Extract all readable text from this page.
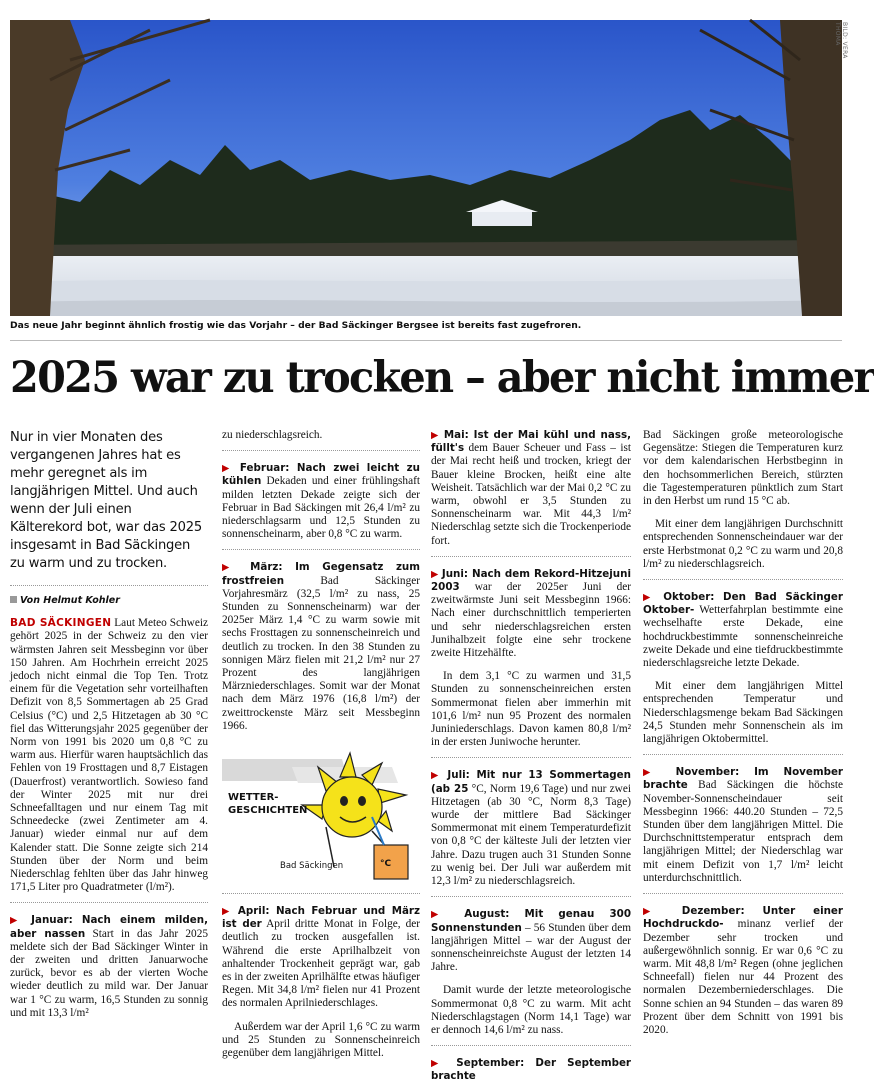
BILD: VERA THOMA
Das neue Jahr beginnt ähnlich frostig wie das Vorjahr – der Bad Säckinger Bergsee ist bereits fast zugefroren.
2025 war zu trocken – aber nicht immer
Nur in vier Monaten des vergangenen Jahres hat es mehr geregnet als im langjährigen Mittel. Und auch wenn der Juli einen Kälterekord bot, war das 2025 insgesamt in Bad Säckingen zu warm und zu trocken.
Von Helmut Kohler

BAD SÄCKINGEN Laut Meteo Schweiz gehört 2025 in der Schweiz zu den vier wärmsten Jahren seit Messbeginn vor über 150 Jahren. Am Hochrhein erreicht 2025 jedoch nicht einmal die Top Ten. Trotz einem für die Vegetation sehr vorteilhaften Defizit von 8,5 Sommertagen ab 25 Grad Celsius (°C) und 2,5 Hitzetagen ab 30 °C fiel das Witterungsjahr 2025 gegenüber der Norm von 1991 bis 2020 um 0,8 °C zu warm aus. Hierfür waren hauptsächlich das Fehlen von 19 Frosttagen und 8,7 Eistagen (Dauerfrost) verantwortlich. Sowieso fand der Winter 2025 mit nur drei Schneefalltagen und nur einem Tag mit Schneedecke (zwei Zentimeter am 4. Januar) wieder einmal nur auf dem Kalender statt. Die Sonne zeigte sich 214 Stunden über der Norm und beim Niederschlag fehlten über das Jahr hinweg 171,5 Liter pro Quadratmeter (l/m²).

▶ Januar: Nach einem milden, aber nassen Start in das Jahr 2025 meldete sich der Bad Säckinger Winter in der zweiten und dritten Januarwoche zurück, bevor es ab der vierten Woche wieder deutlich zu mild war. Der Januar war 1 °C zu warm, 16,5 Stunden zu sonnig und mit 13,3 l/m²

zu niederschlagsreich.

▶ Februar: Nach zwei leicht zu kühlen Dekaden und einer frühlingshaft milden letzten Dekade zeigte sich der Februar in Bad Säckingen mit 26,4 l/m² zu niederschlagsarm und 12,5 Stunden zu sonnenscheinarm, aber 0,8 °C zu warm.

▶ März: Im Gegensatz zum frostfreien	Bad Säckinger Vorjahresmärz (32,5 l/m² zu nass, 25 Stunden zu Sonnenscheinarm) war der 2025er März 1,4 °C zu warm sowie mit sechs Frosttagen zu sonnenscheinreich und deutlich zu trocken. In den 38 Stunden zu sonnigen März fielen mit 21,2 l/m² nur 27 Prozent des langjährigen Märzniederschlages. Somit war der Monat nach dem März 1976 (16,8 l/m²) der zweittrockenste März seit Messbeginn 1966.

WETTER-
GESCHICHTEN
Bad Säckingen	°C

▶ April: Nach Februar und März ist der April dritte Monat in Folge, der deutlich zu trocken ausgefallen ist. Während die erste Aprilhalbzeit von anhaltender Trockenheit geprägt war, gab es in der zweiten Aprilhälfte etwas häufiger Regen. Mit 34,8 l/m² fielen nur 41 Prozent des normalen Aprilniederschlages.

Außerdem war der April 1,6 °C zu warm und 25 Stunden zu Sonnenscheinreich gegenüber dem langjährigen Mittel.

▶ Mai: Ist der Mai kühl und nass, füllt's dem Bauer Scheuer und Fass – ist der Mai recht heiß und trocken, kriegt der Bauer kleine Brocken, heißt eine alte Weisheit. Tatsächlich war der Mai 0,2 °C zu warm, obwohl er 3,5 Stunden zu Sonnenscheinarm war. Mit 44,3 l/m² Niederschlag setzte sich die Trockenperiode fort.

▶ Juni: Nach dem Rekord-Hitzejuni 2003 war der 2025er Juni der zweitwärmste Juni seit Messbeginn 1966: Nach einer durchschnittlich temperierten und sehr niederschlagsreichen ersten Junihalbzeit folgte eine sehr trockene zweite Hitzehälfte.

In dem 3,1 °C zu warmen und 31,5 Stunden zu sonnenscheinreichen ersten Sommermonat fielen aber immerhin mit 101,6 l/m² nun 95 Prozent des normalen Juniniederschlags. Davon kamen 80,8 l/m² in der ersten Juniwoche herunter.

▶ Juli: Mit nur 13 Sommertagen (ab 25 °C, Norm 19,6 Tage) und nur zwei Hitzetagen (ab 30 °C, Norm 8,3 Tage) wurde der mittlere Bad Säckinger Sommermonat mit einem Temperaturdefizit von 0,8 °C der kälteste Juli der letzten vier Jahre. Dazu trugen auch 31 Stunden Sonne zu wenig bei. Der Juli war außerdem mit 12,3 l/m² zu niederschlagsreich.

▶ August: Mit genau 300 Sonnenstunden – 56 Stunden über dem langjährigen Mittel – war der August der sonnenscheinreichste August der letzten 14 Jahre.

Damit wurde der letzte meteorologische Sommermonat 0,8 °C zu warm. Mit acht Niederschlagstagen (Norm 14,1 Tage) war er dennoch 14,6 l/m² zu nass.

▶ September: Der September brachte

Bad Säckingen große meteorologische Gegensätze: Stiegen die Temperaturen kurz vor dem kalendarischen Herbstbeginn in den hochsommerlichen Bereich, stürzten die Tagestemperaturen pünktlich zum Start in den Herbst um rund 15 °C ab.

Mit einer dem langjährigen Durchschnitt entsprechenden Sonnenscheindauer war der erste Herbstmonat 0,2 °C zu warm und 20,8 l/m² zu niederschlagsreich.

▶ Oktober: Den Bad Säckinger Oktober- Wetterfahrplan bestimmte eine wechselhafte erste Dekade, eine hochdruckbestimmte sonnenscheinreiche zweite Dekade und eine tiefdruckbestimmte niederschlagsreiche letzte Dekade.

Mit einer dem langjährigen Mittel entsprechenden Temperatur und Niederschlagsmenge bekam Bad Säckingen 24,5 Stunden mehr Sonnenschein als im langjährigen Oktobermittel.

▶ November: Im November brachte Bad Säckingen die höchste November-Sonnenscheindauer seit Messbeginn 1966: 440.20 Stunden – 72,5 Stunden über dem langjährigen Mittel. Die Durchschnittstemperatur entsprach dem langjährigen Mittel; der Niederschlag war mit einem Defizit von 1,7 l/m² leicht unterdurchschnittlich.

▶ Dezember: Unter einer Hochdruckdo- minanz verlief der Dezember sehr trocken und außergewöhnlich sonnig. Er war 0,6 °C zu warm. Mit 48,8 l/m² Regen (ohne jeglichen Schneefall) fielen nur 44 Prozent des normalen Dezemberniederschlages. Die Sonne schien an 94 Stunden – das waren 89 Prozent über dem Schnitt von 1991 bis 2020.
